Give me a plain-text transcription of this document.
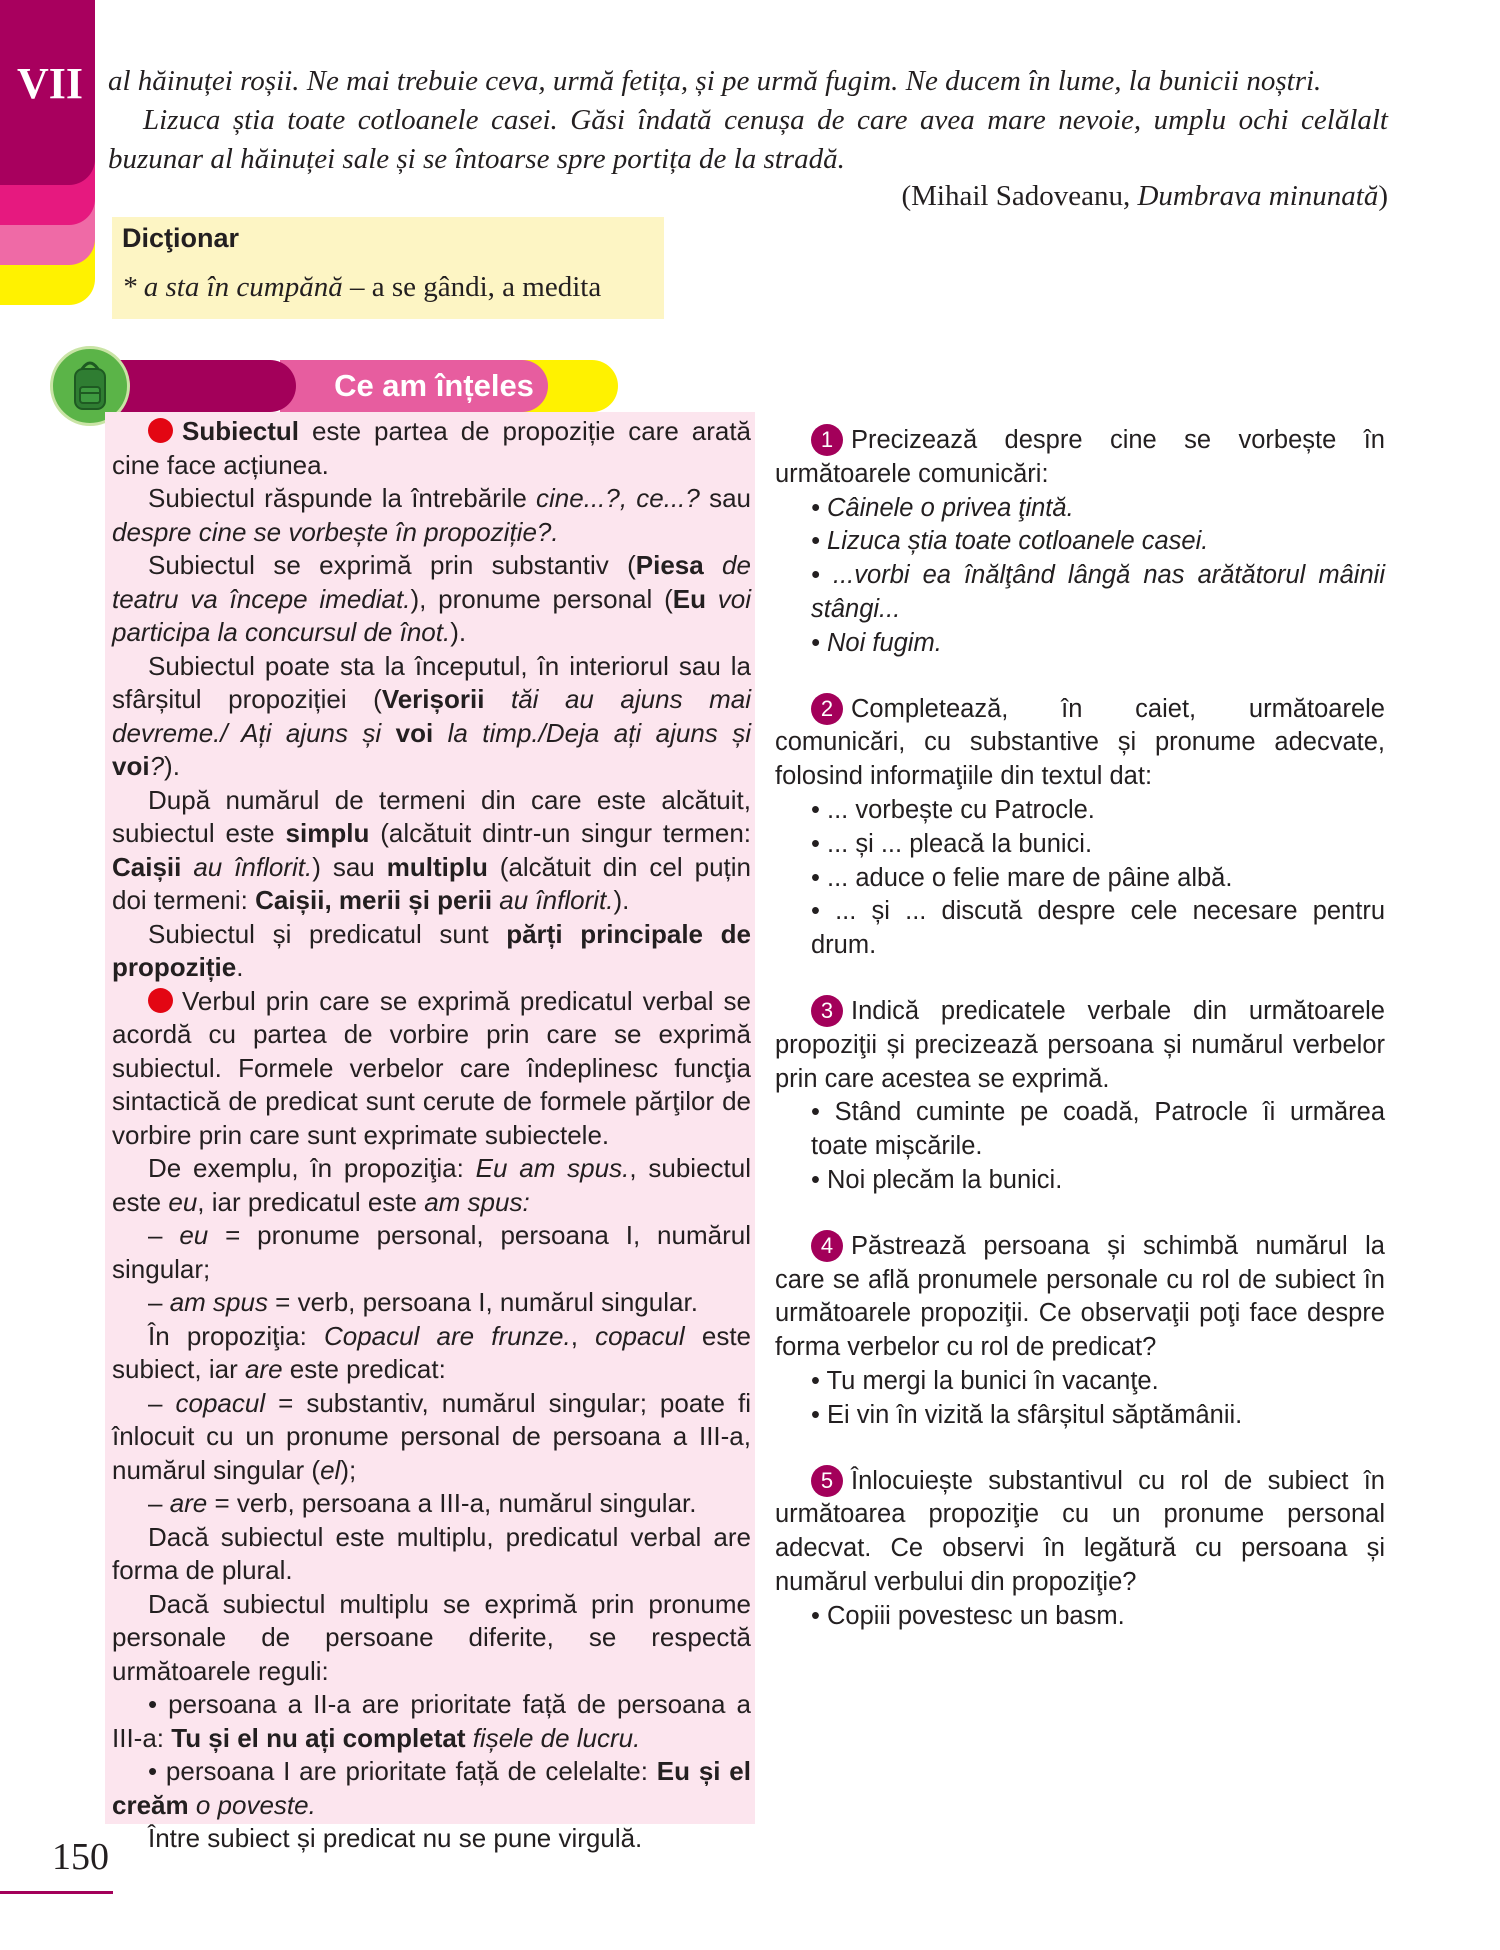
VII al hăinuței roșii. Ne mai trebuie ceva, urmă fetița, și pe urmă fugim. Ne ducem în lume, la bunicii noștri.

Lizuca știa toate cotloanele casei. Găsi îndată cenușa de care avea mare nevoie, umplu ochi celălalt buzunar al hăinuței sale și se întoarse spre portița de la stradă.

(Mihail Sadoveanu, Dumbrava minunată)
Dicţionar
* a sta în cumpănă – a se gândi, a medita
Ce am înțeles

Subiectul este partea de propoziție care arată cine face acțiunea.

Subiectul răspunde la întrebările cine...?, ce...? sau despre cine se vorbește în propoziție?.

Subiectul se exprimă prin substantiv (Piesa de teatru va începe imediat.), pronume personal (Eu voi participa la concursul de înot.).

Subiectul poate sta la începutul, în interiorul sau la sfârșitul propoziției (Verișorii tăi au ajuns mai devreme./ Ați ajuns și voi la timp./Deja ați ajuns și voi?).

După numărul de termeni din care este alcătuit, subiectul este simplu (alcătuit dintr-un singur termen: Caișii au înflorit.) sau multiplu (alcătuit din cel puțin doi termeni: Caișii, merii și perii au înflorit.).

Subiectul și predicatul sunt părți principale de propoziție.

Verbul prin care se exprimă predicatul verbal se acordă cu partea de vorbire prin care se exprimă subiectul. Formele verbelor care îndeplinesc funcţia sintactică de predicat sunt cerute de formele părţilor de vorbire prin care sunt exprimate subiectele.

De exemplu, în propoziţia: Eu am spus., subiectul este eu, iar predicatul este am spus:

– eu = pronume personal, persoana I, numărul singular;

– am spus = verb, persoana I, numărul singular.

În propoziţia: Copacul are frunze., copacul este subiect, iar are este predicat:

– copacul = substantiv, numărul singular; poate fi înlocuit cu un pronume personal de persoana a III-a, numărul singular (el);

– are = verb, persoana a III-a, numărul singular.

Dacă subiectul este multiplu, predicatul verbal are forma de plural.

Dacă subiectul multiplu se exprimă prin pronume personale de persoane diferite, se respectă următoarele reguli:

• persoana a II-a are prioritate față de persoana a III-a: Tu și el nu ați completat fișele de lucru.

• persoana I are prioritate față de celelalte: Eu și el creăm o poveste.

Între subiect și predicat nu se pune virgulă.

1 Precizează despre cine se vorbește în următoarele comunicări:

• Câinele o privea ţintă.

• Lizuca știa toate cotloanele casei.

• ...vorbi ea înălţând lângă nas arătătorul mâinii stângi...

• Noi fugim.

2 Completează, în caiet, următoarele comunicări, cu substantive și pronume adecvate, folosind informaţiile din textul dat:

• ... vorbește cu Patrocle.

• ... și ... pleacă la bunici.

• ... aduce o felie mare de pâine albă.

• ... și ... discută despre cele necesare pentru drum.

3 Indică predicatele verbale din următoarele propoziţii și precizează persoana și numărul verbelor prin care acestea se exprimă.

• Stând cuminte pe coadă, Patrocle îi urmărea toate mișcările.

• Noi plecăm la bunici.

4 Păstrează persoana și schimbă numărul la care se află pronumele personale cu rol de subiect în următoarele propoziţii. Ce observaţii poţi face despre forma verbelor cu rol de predicat?

• Tu mergi la bunici în vacanţe.

• Ei vin în vizită la sfârșitul săptămânii.

5 Înlocuiește substantivul cu rol de subiect în următoarea propoziţie cu un pronume personal adecvat. Ce observi în legătură cu persoana și numărul verbului din propoziţie?

• Copiii povestesc un basm.

150
